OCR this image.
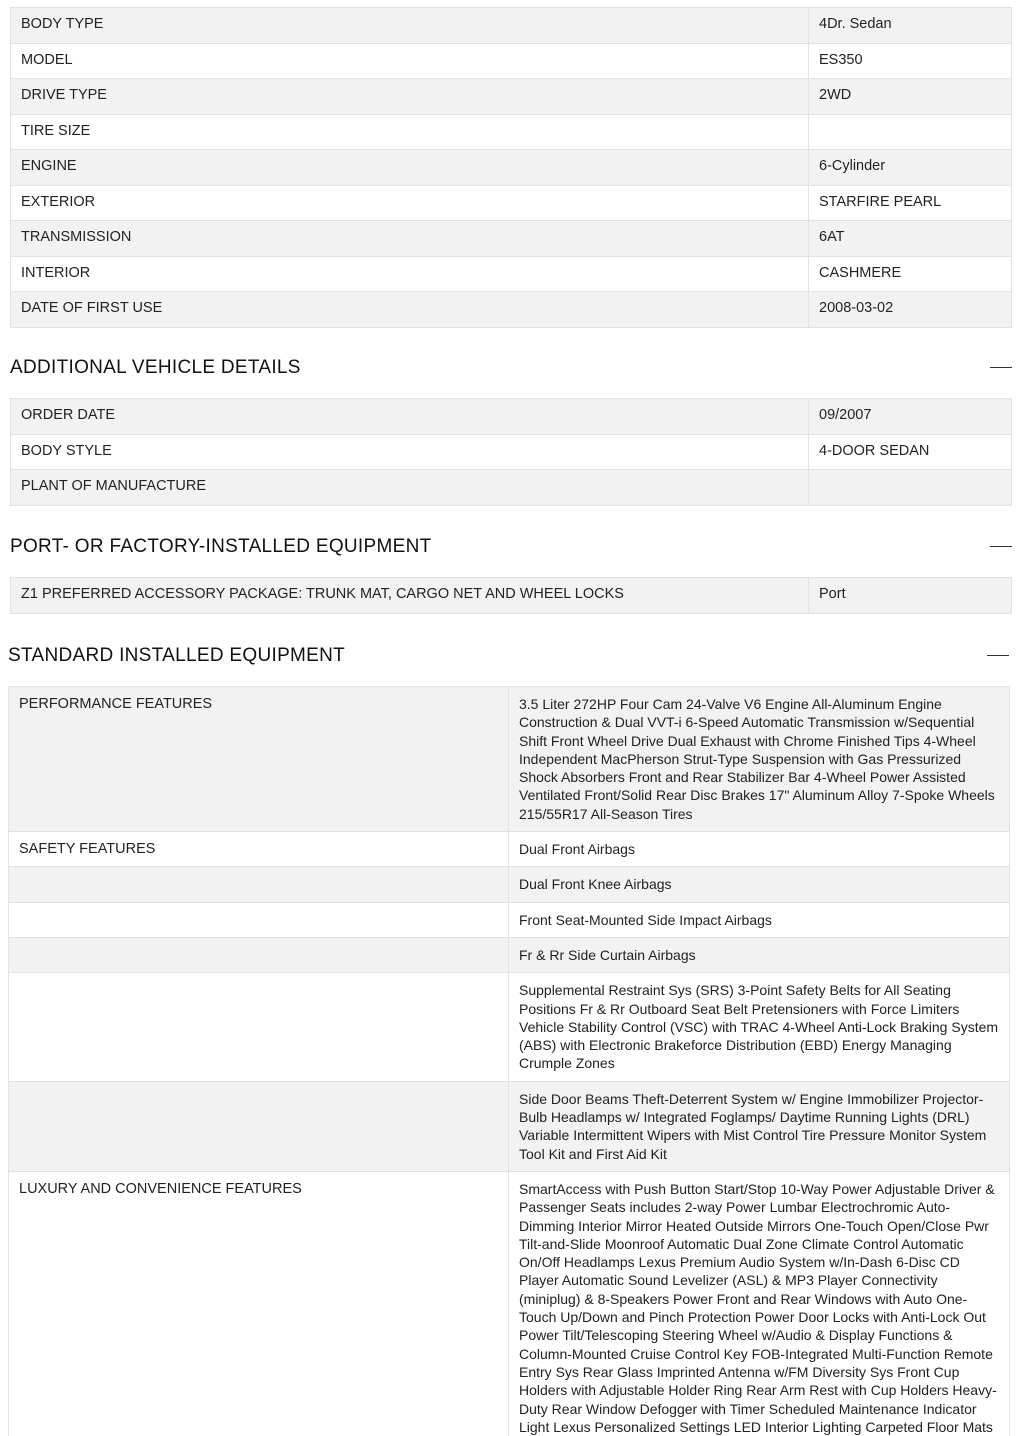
BODY TYPE	4Dr. Sedan
MODEL	ES350
DRIVE TYPE	2WD
TIRE SIZE	
ENGINE	6-Cylinder
EXTERIOR	STARFIRE PEARL
TRANSMISSION	6AT
INTERIOR	CASHMERE
DATE OF FIRST USE	2008-03-02
ADDITIONAL VEHICLE DETAILS
ORDER DATE	09/2007
BODY STYLE	4-DOOR SEDAN
PLANT OF MANUFACTURE	
PORT- OR FACTORY-INSTALLED EQUIPMENT
Z1 PREFERRED ACCESSORY PACKAGE: TRUNK MAT, CARGO NET AND WHEEL LOCKS	Port
STANDARD INSTALLED EQUIPMENT
PERFORMANCE FEATURES	3.5 Liter 272HP Four Cam 24-Valve V6 Engine All-Aluminum Engine Construction & Dual VVT-i 6-Speed Automatic Transmission w/Sequential Shift Front Wheel Drive Dual Exhaust with Chrome Finished Tips 4-Wheel Independent MacPherson Strut-Type Suspension with Gas Pressurized Shock Absorbers Front and Rear Stabilizer Bar 4-Wheel Power Assisted Ventilated Front/Solid Rear Disc Brakes 17" Aluminum Alloy 7-Spoke Wheels 215/55R17 All-Season Tires
SAFETY FEATURES	Dual Front Airbags
	Dual Front Knee Airbags
	Front Seat-Mounted Side Impact Airbags
	Fr & Rr Side Curtain Airbags
	Supplemental Restraint Sys (SRS) 3-Point Safety Belts for All Seating Positions Fr & Rr Outboard Seat Belt Pretensioners with Force Limiters Vehicle Stability Control (VSC) with TRAC 4-Wheel Anti-Lock Braking System (ABS) with Electronic Brakeforce Distribution (EBD) Energy Managing Crumple Zones
	Side Door Beams Theft-Deterrent System w/ Engine Immobilizer Projector-Bulb Headlamps w/ Integrated Foglamps/ Daytime Running Lights (DRL) Variable Intermittent Wipers with Mist Control Tire Pressure Monitor System Tool Kit and First Aid Kit
LUXURY AND CONVENIENCE FEATURES	SmartAccess with Push Button Start/Stop 10-Way Power Adjustable Driver & Passenger Seats includes 2-way Power Lumbar Electrochromic Auto-Dimming Interior Mirror Heated Outside Mirrors One-Touch Open/Close Pwr Tilt-and-Slide Moonroof Automatic Dual Zone Climate Control Automatic On/Off Headlamps Lexus Premium Audio System w/In-Dash 6-Disc CD Player Automatic Sound Levelizer (ASL) & MP3 Player Connectivity (miniplug) & 8-Speakers Power Front and Rear Windows with Auto One- Touch Up/Down and Pinch Protection Power Door Locks with Anti-Lock Out Power Tilt/Telescoping Steering Wheel w/Audio & Display Functions & Column-Mounted Cruise Control Key FOB-Integrated Multi-Function Remote Entry Sys Rear Glass Imprinted Antenna w/FM Diversity Sys Front Cup Holders with Adjustable Holder Ring Rear Arm Rest with Cup Holders Heavy-Duty Rear Window Defogger with Timer Scheduled Maintenance Indicator Light Lexus Personalized Settings LED Interior Lighting Carpeted Floor Mats
